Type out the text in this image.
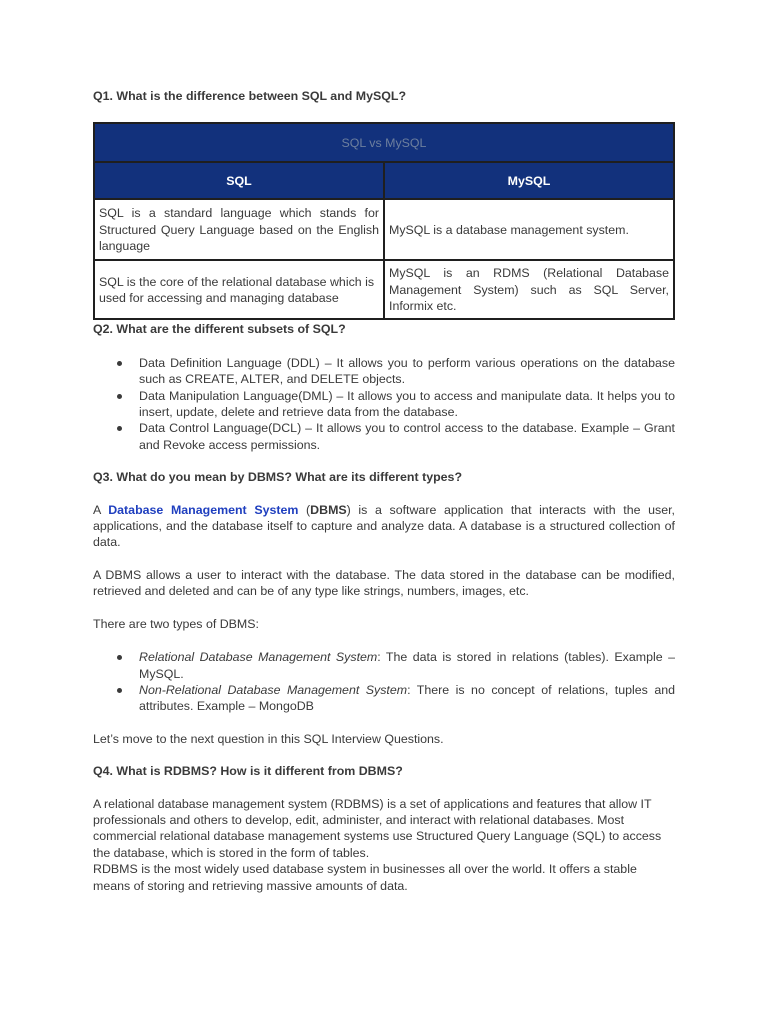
Q1. What is the difference between SQL and MySQL?

SQL vs MySQL	
SQL	MySQL
SQL is a standard language which stands for Structured Query Language based on the English language	MySQL is a database management system.
SQL is the core of the relational database which is used for accessing and managing database	MySQL is an RDMS (Relational Database Management System) such as SQL Server, Informix etc.

Q2. What are the different subsets of SQL?

Data Definition Language (DDL) – It allows you to perform various operations on the database such as CREATE, ALTER, and DELETE objects.
Data Manipulation Language(DML) – It allows you to access and manipulate data. It helps you to insert, update, delete and retrieve data from the database.
Data Control Language(DCL) – It allows you to control access to the database. Example – Grant and Revoke access permissions.

Q3. What do you mean by DBMS? What are its different types?

A Database Management System (DBMS) is a software application that interacts with the user, applications, and the database itself to capture and analyze data. A database is a structured collection of data.

A DBMS allows a user to interact with the database. The data stored in the database can be modified, retrieved and deleted and can be of any type like strings, numbers, images, etc.

There are two types of DBMS:

Relational Database Management System: The data is stored in relations (tables). Example – MySQL.
Non-Relational Database Management System: There is no concept of relations, tuples and attributes. Example – MongoDB

Let’s move to the next question in this SQL Interview Questions.

Q4. What is RDBMS? How is it different from DBMS?

A relational database management system (RDBMS) is a set of applications and features that allow IT professionals and others to develop, edit, administer, and interact with relational databases. Most commercial relational database management systems use Structured Query Language (SQL) to access the database, which is stored in the form of tables.

RDBMS is the most widely used database system in businesses all over the world. It offers a stable means of storing and retrieving massive amounts of data.
